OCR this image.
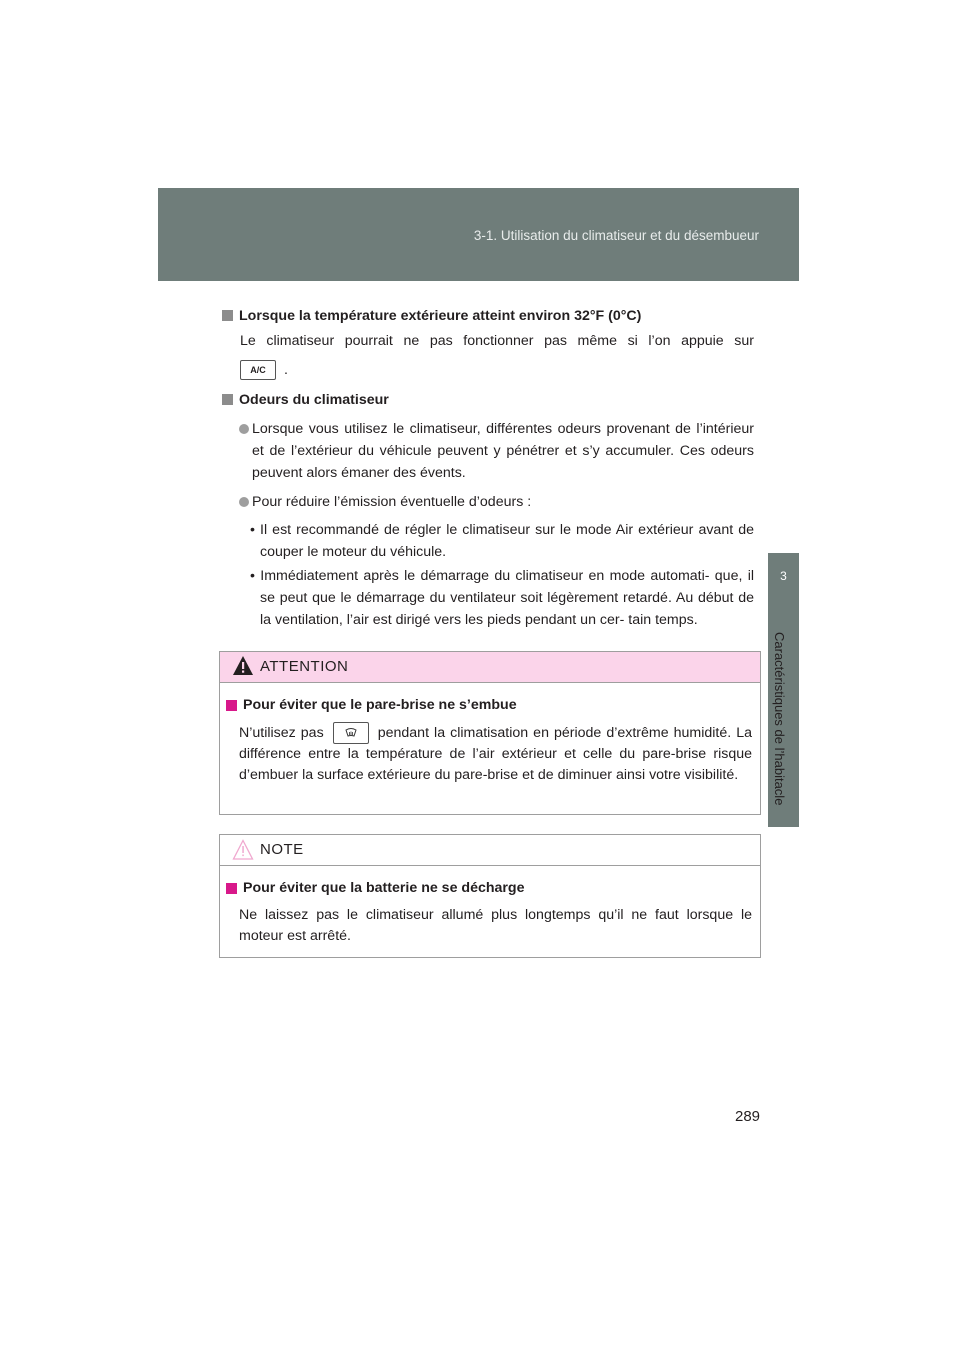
3-1. Utilisation du climatiseur et du désembueur
3
Caractéristiques de l’habitacle
Lorsque la température extérieure atteint environ 32°F (0°C)
Le climatiseur pourrait ne pas fonctionner pas même si l’on appuie sur
A/C	.
Odeurs du climatiseur
Lorsque vous utilisez le climatiseur, différentes odeurs provenant de l’intérieur et de l’extérieur du véhicule peuvent y pénétrer et s’y accumuler. Ces odeurs peuvent alors émaner des évents.
Pour réduire l’émission éventuelle d’odeurs :
• Il est recommandé de régler le climatiseur sur le mode Air extérieur avant de couper le moteur du véhicule.
• Immédiatement après le démarrage du climatiseur en mode automati- que, il se peut que le démarrage du ventilateur soit légèrement retardé. Au début de la ventilation, l’air est dirigé vers les pieds pendant un cer- tain temps.
ATTENTION
Pour éviter que le pare-brise ne s’embue
N’utilisez pas	pendant la climatisation en période d’extrême humidité. La différence entre la température de l’air extérieur et celle du pare-brise risque d’embuer la surface extérieure du pare-brise et de diminuer ainsi votre visibilité.
NOTE
Pour éviter que la batterie ne se décharge
Ne laissez pas le climatiseur allumé plus longtemps qu’il ne faut lorsque le moteur est arrêté.
289
